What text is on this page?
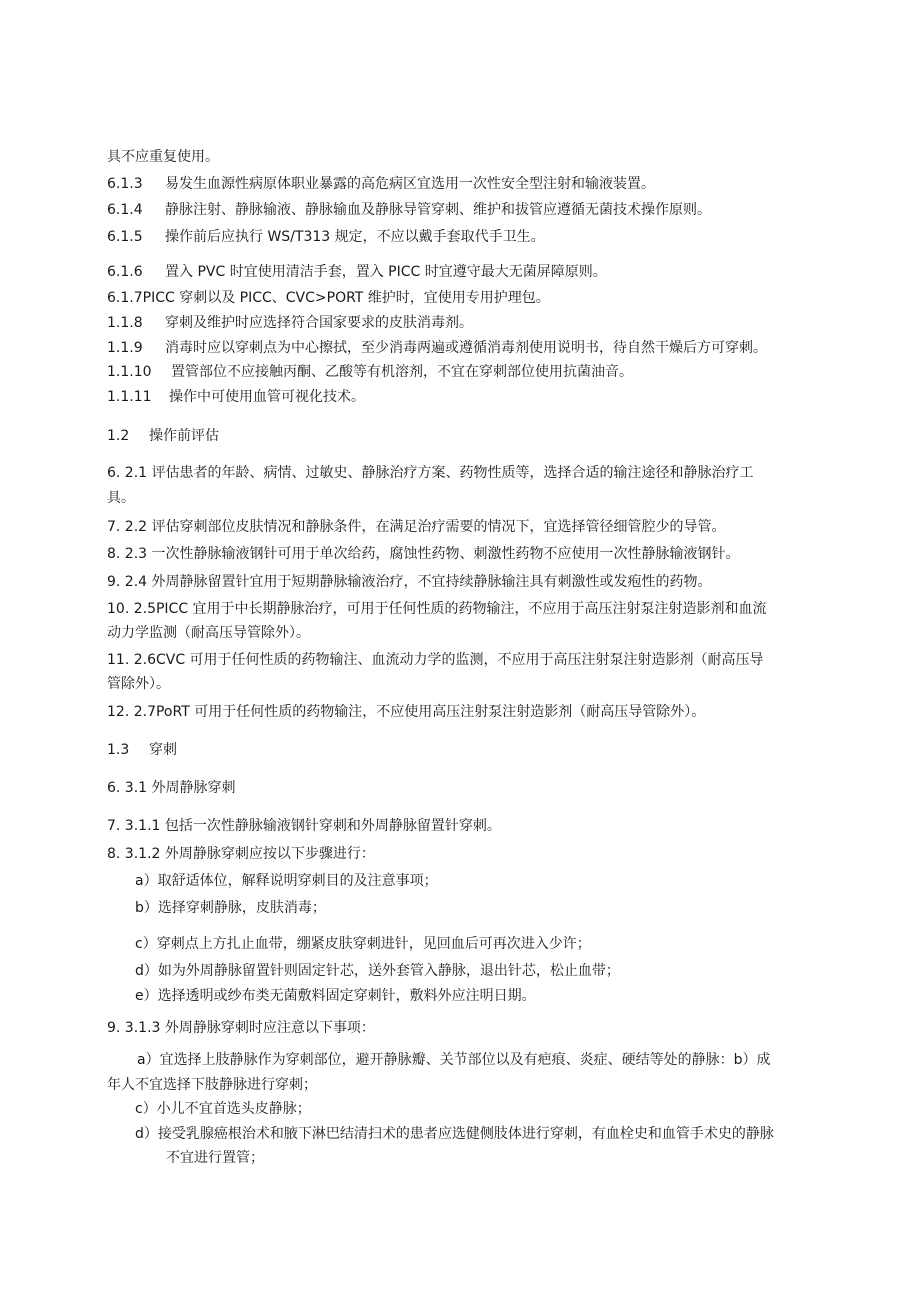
具不应重复使用。
6.1.3 易发生血源性病原体职业暴露的高危病区宜选用一次性安全型注射和输液装置。
6.1.4 静脉注射、静脉输液、静脉输血及静脉导管穿刺、维护和拔管应遵循无菌技术操作原则。
6.1.5 操作前后应执行 WS/T313 规定，不应以戴手套取代手卫生。
6.1.6 置入 PVC 时宜使用清洁手套，置入 PICC 时宜遵守最大无菌屏障原则。
6.1.7PICC 穿刺以及 PICC、CVC>PORT 维护时，宜使用专用护理包。
1.1.8 穿刺及维护时应选择符合国家要求的皮肤消毒剂。
1.1.9 消毒时应以穿刺点为中心擦拭，至少消毒两遍或遵循消毒剂使用说明书，待自然干燥后方可穿刺。
1.1.10 置管部位不应接触丙酮、乙酸等有机溶剂，不宜在穿刺部位使用抗菌油音。
1.1.11 操作中可使用血管可视化技术。
1.2 操作前评估
6. 2.1 评估患者的年龄、病情、过敏史、静脉治疗方案、药物性质等，选择合适的输注途径和静脉治疗工
具。
7. 2.2 评估穿刺部位皮肤情况和静脉条件，在满足治疗需要的情况下，宜选择管径细管腔少的导管。
8. 2.3 一次性静脉输液钢针可用于单次给药，腐蚀性药物、刺激性药物不应使用一次性静脉输液钢针。
9. 2.4 外周静脉留置针宜用于短期静脉输液治疗，不宜持续静脉输注具有刺激性或发疱性的药物。
10. 2.5PICC 宜用于中长期静脉治疗，可用于任何性质的药物输注，不应用于高压注射泵注射造影剂和血流
动力学监测（耐高压导管除外）。
11. 2.6CVC 可用于任何性质的药物输注、血流动力学的监测，不应用于高压注射泵注射造影剂（耐高压导
管除外）。
12. 2.7PoRT 可用于任何性质的药物输注，不应使用高压注射泵注射造影剂（耐高压导管除外）。
1.3 穿刺
6. 3.1 外周静脉穿刺
7. 3.1.1 包括一次性静脉输液钢针穿刺和外周静脉留置针穿刺。
8. 3.1.2 外周静脉穿刺应按以下步骤进行：
a）取舒适体位，解释说明穿刺目的及注意事项；
b）选择穿刺静脉，皮肤消毒；
c）穿刺点上方扎止血带，绷紧皮肤穿刺进针，见回血后可再次进入少许；
d）如为外周静脉留置针则固定针芯，送外套管入静脉，退出针芯，松止血带；
e）选择透明或纱布类无菌敷料固定穿刺针，敷料外应注明日期。
9. 3.1.3 外周静脉穿刺时应注意以下事项：
a）宜选择上肢静脉作为穿刺部位，避开静脉瓣、关节部位以及有疤痕、炎症、硬结等处的静脉：b）成
年人不宜选择下肢静脉进行穿刺；
c）小儿不宜首选头皮静脉；
d）接受乳腺癌根治术和腋下淋巴结清扫术的患者应选健侧肢体进行穿刺，有血栓史和血管手术史的静脉
不宜进行置管；
